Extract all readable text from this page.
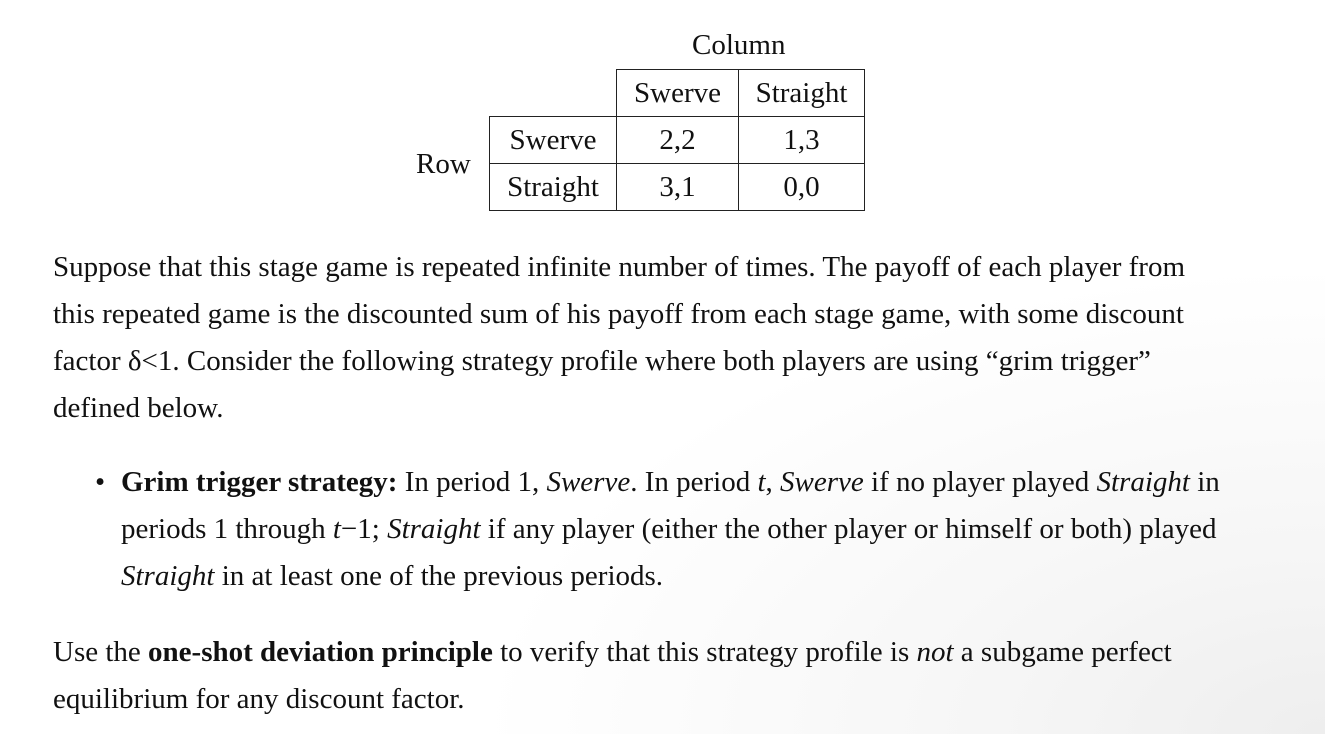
Column
Row
	Swerve	Straight
Swerve	2,2	1,3
Straight	3,1	0,0

Suppose that this stage game is repeated infinite number of times. The payoff of each player from this repeated game is the discounted sum of his payoff from each stage game, with some discount factor δ<1. Consider the following strategy profile where both players are using “grim trigger” defined below.

• Grim trigger strategy: In period 1, Swerve. In period t, Swerve if no player played Straight in periods 1 through t−1; Straight if any player (either the other player or himself or both) played Straight in at least one of the previous periods.

Use the one-shot deviation principle to verify that this strategy profile is not a subgame perfect equilibrium for any discount factor.
